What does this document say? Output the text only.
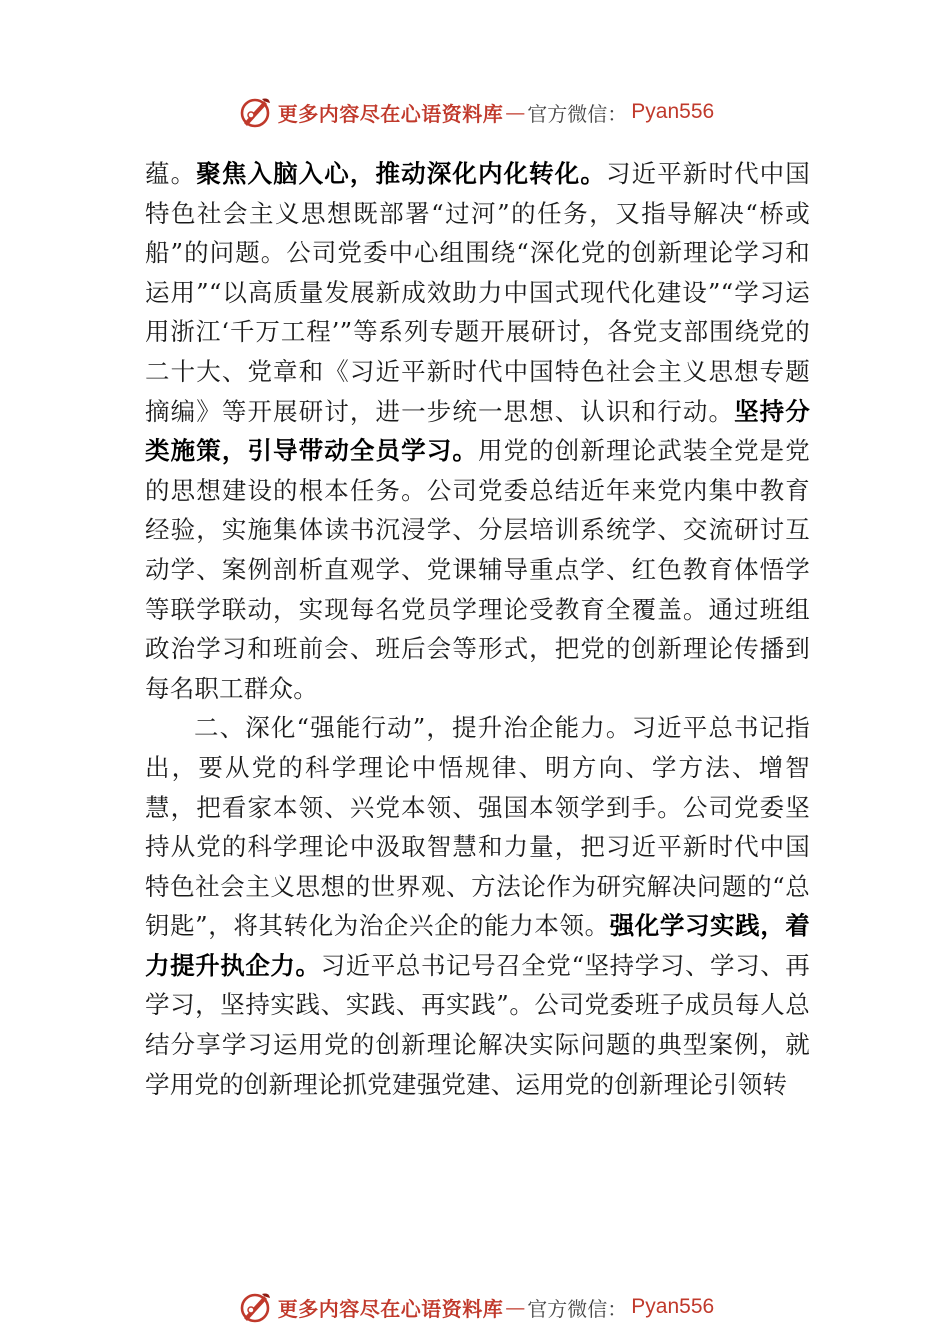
更多内容尽在心语资料库 — 官方微信： Pyan556

蕴。聚焦入脑入心，推动深化内化转化。习近平新时代中国特色社会主义思想既部署“过河”的任务，又指导解决“桥或船”的问题。公司党委中心组围绕“深化党的创新理论学习和运用”“以高质量发展新成效助力中国式现代化建设”“学习运用浙江‘千万工程’”等系列专题开展研讨，各党支部围绕党的二十大、党章和《习近平新时代中国特色社会主义思想专题摘编》等开展研讨，进一步统一思想、认识和行动。坚持分类施策，引导带动全员学习。用党的创新理论武装全党是党的思想建设的根本任务。公司党委总结近年来党内集中教育经验，实施集体读书沉浸学、分层培训系统学、交流研讨互动学、案例剖析直观学、党课辅导重点学、红色教育体悟学等联学联动，实现每名党员学理论受教育全覆盖。通过班组政治学习和班前会、班后会等形式，把党的创新理论传播到每名职工群众。

二、深化“强能行动”，提升治企能力。习近平总书记指出，要从党的科学理论中悟规律、明方向、学方法、增智慧，把看家本领、兴党本领、强国本领学到手。公司党委坚持从党的科学理论中汲取智慧和力量，把习近平新时代中国特色社会主义思想的世界观、方法论作为研究解决问题的“总钥匙”，将其转化为治企兴企的能力本领。强化学习实践，着力提升执企力。习近平总书记号召全党“坚持学习、学习、再学习，坚持实践、实践、再实践”。公司党委班子成员每人总结分享学习运用党的创新理论解决实际问题的典型案例，就学用党的创新理论抓党建强党建、运用党的创新理论引领转

更多内容尽在心语资料库 — 官方微信： Pyan556
